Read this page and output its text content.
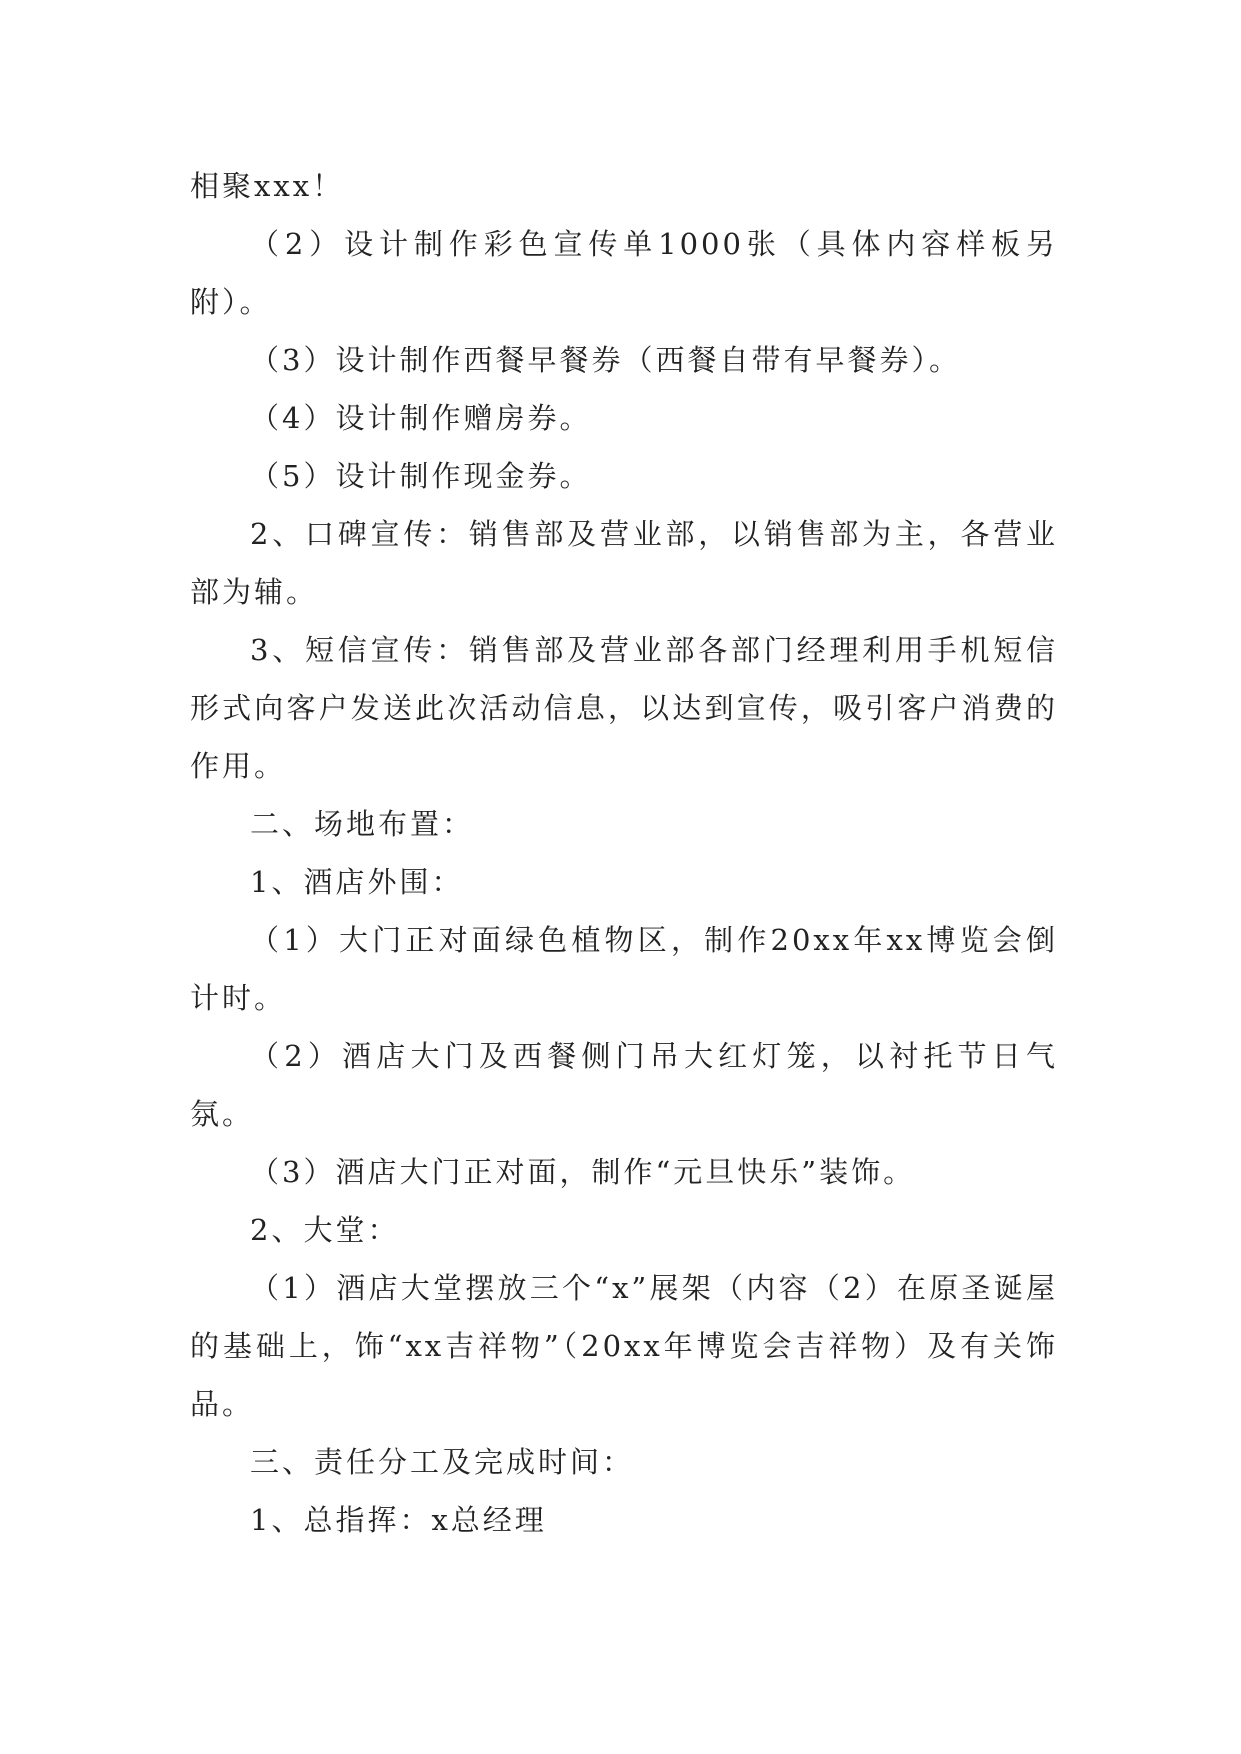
相聚xxx！

（2）设计制作彩色宣传单1000张（具体内容样板另附）。

（3）设计制作西餐早餐券（西餐自带有早餐券）。

（4）设计制作赠房券。

（5）设计制作现金券。

2、口碑宣传：销售部及营业部，以销售部为主，各营业部为辅。

3、短信宣传：销售部及营业部各部门经理利用手机短信形式向客户发送此次活动信息，以达到宣传，吸引客户消费的作用。

二、场地布置：

1、酒店外围：

（1）大门正对面绿色植物区，制作20xx年xx博览会倒计时。

（2）酒店大门及西餐侧门吊大红灯笼，以衬托节日气氛。

（3）酒店大门正对面，制作“元旦快乐”装饰。

2、大堂：

（1）酒店大堂摆放三个“x”展架（内容（2）在原圣诞屋的基础上，饰“xx吉祥物”（20xx年博览会吉祥物）及有关饰品。

三、责任分工及完成时间：

1、总指挥：x总经理
